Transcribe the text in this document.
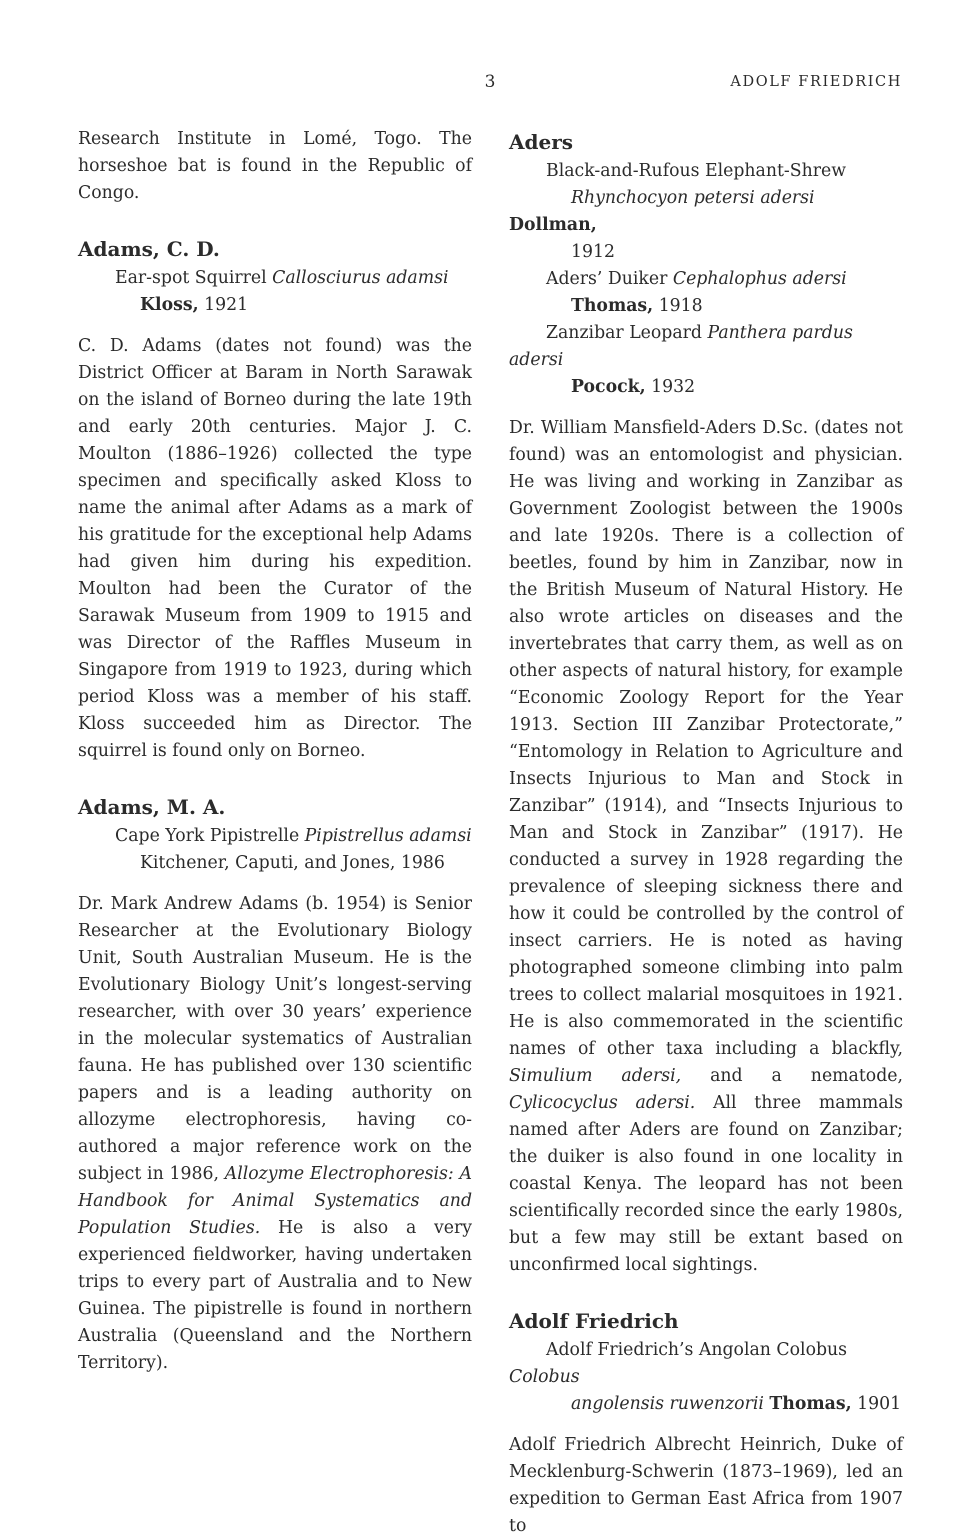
3	ADOLF FRIEDRICH

Research Institute in Lomé, Togo. The horseshoe bat is found in the Republic of Congo.

Adams, C. D.

Ear-spot Squirrel Callosciurus adamsi
Kloss, 1921

C. D. Adams (dates not found) was the District Officer at Baram in North Sarawak on the island of Borneo during the late 19th and early 20th centuries. Major J. C. Moulton (1886–1926) collected the type specimen and specifically asked Kloss to name the animal after Adams as a mark of his gratitude for the exceptional help Adams had given him during his expedition. Moulton had been the Curator of the Sarawak Museum from 1909 to 1915 and was Director of the Raffles Museum in Singapore from 1919 to 1923, during which period Kloss was a member of his staff. Kloss succeeded him as Director. The squirrel is found only on Borneo.

Adams, M. A.

Cape York Pipistrelle Pipistrellus adamsi
Kitchener, Caputi, and Jones, 1986

Dr. Mark Andrew Adams (b. 1954) is Senior Researcher at the Evolutionary Biology Unit, South Australian Museum. He is the Evolutionary Biology Unit’s longest-serving researcher, with over 30 years’ experience in the molecular systematics of Australian fauna. He has published over 130 scientific papers and is a leading authority on allozyme electrophoresis, having co-authored a major reference work on the subject in 1986, Allozyme Electrophoresis: A Handbook for Animal Systematics and Population Studies. He is also a very experienced fieldworker, having undertaken trips to every part of Australia and to New Guinea. The pipistrelle is found in northern Australia (Queensland and the Northern Territory).

Aders

Black-and-Rufous Elephant-Shrew
Rhynchocyon petersi adersi Dollman,
1912

Aders’ Duiker Cephalophus adersi
Thomas, 1918

Zanzibar Leopard Panthera pardus adersi
Pocock, 1932

Dr. William Mansfield-Aders D.Sc. (dates not found) was an entomologist and physician. He was living and working in Zanzibar as Government Zoologist between the 1900s and late 1920s. There is a collection of beetles, found by him in Zanzibar, now in the British Museum of Natural History. He also wrote articles on diseases and the invertebrates that carry them, as well as on other aspects of natural history, for example “Economic Zoology Report for the Year 1913. Section III Zanzibar Protectorate,” “Entomology in Relation to Agriculture and Insects Injurious to Man and Stock in Zanzibar” (1914), and “Insects Injurious to Man and Stock in Zanzibar” (1917). He conducted a survey in 1928 regarding the prevalence of sleeping sickness there and how it could be controlled by the control of insect carriers. He is noted as having photographed someone climbing into palm trees to collect malarial mosquitoes in 1921. He is also commemorated in the scientific names of other taxa including a blackfly, Simulium adersi, and a nematode, Cylicocyclus adersi. All three mammals named after Aders are found on Zanzibar; the duiker is also found in one locality in coastal Kenya. The leopard has not been scientifically recorded since the early 1980s, but a few may still be extant based on unconfirmed local sightings.

Adolf Friedrich

Adolf Friedrich’s Angolan Colobus Colobus
angolensis ruwenzorii Thomas, 1901

Adolf Friedrich Albrecht Heinrich, Duke of Mecklenburg-Schwerin (1873–1969), led an expedition to German East Africa from 1907 to
